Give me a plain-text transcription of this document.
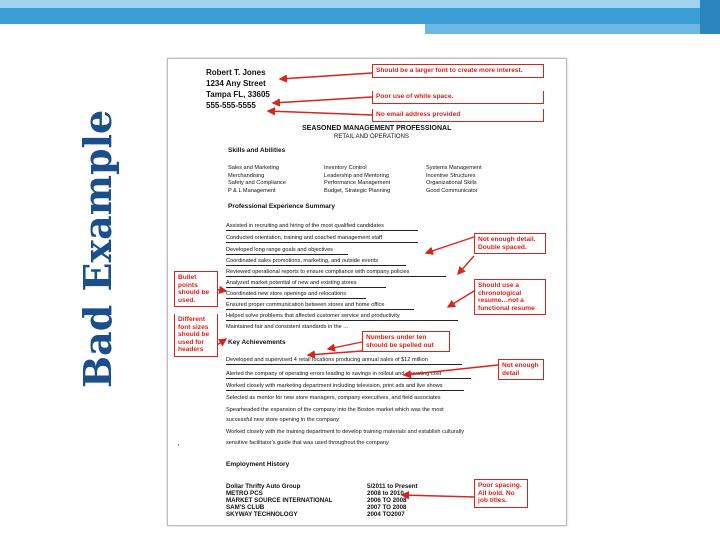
Bad Example
Robert T. Jones
1234 Any Street
Tampa FL, 33605
555-555-5555
SEASONED MANAGEMENT PROFESSIONAL
RETAIL AND OPERATIONS
Skills and Abilities
Sales and Marketing
Merchandising
Safety and Compliance
P & L Management
Inventory Control
Leadership and Mentoring
Performance Management
Budget, Strategic Planning
Systems Management
Incentive Structures
Organizational Skills
Good Communicator
Professional Experience Summary
Assisted in recruiting and hiring of the most qualified candidates
Conducted orientation, training and coached management staff
Developed long range goals and objectives
Coordinated sales promotions, marketing, and outside events
Reviewed operational reports to ensure compliance with company policies
Analyzed market potential of new and existing stores
Coordinated new store openings and relocations
Ensured proper communication between stores and home office
Helped solve problems that affected customer service and productivity
Maintained fair and consistent standards in the ...
Key Achievements
Developed and supervised 4 retail locations producing annual sales of $12 million
Alerted the company of operating errors leading to savings in rollout and operating cost
Worked closely with marketing department including television, print ads and live shows
Selected as mentor for new store managers, company executives, and field associates
Spearheaded the expansion of the company into the Boston market which was the most
successful new store opening in the company
Worked closely with the training department to develop training materials and establish culturally
sensitive facilitator's guide that was used throughout the company
'
Employment History
Dollar Thrifty Auto Group
METRO PCS
MARKET SOURCE INTERNATIONAL
SAM'S CLUB
SKYWAY TECHNOLOGY
5/2011 to Present
2008 to 2010
2006 TO 2008
2007 TO 2008
2004 TO2007
Should be a larger font to create more interest.
Poor use of white space.
No email address provided
Bullet points should be used.
Different font sizes should be used for headers
Not enough detail. Double spaced.
Should use a chronological resume…not a functional resume
Numbers under ten should be spelled out
Not enough detail
Poor spacing. All bold. No job titles.
